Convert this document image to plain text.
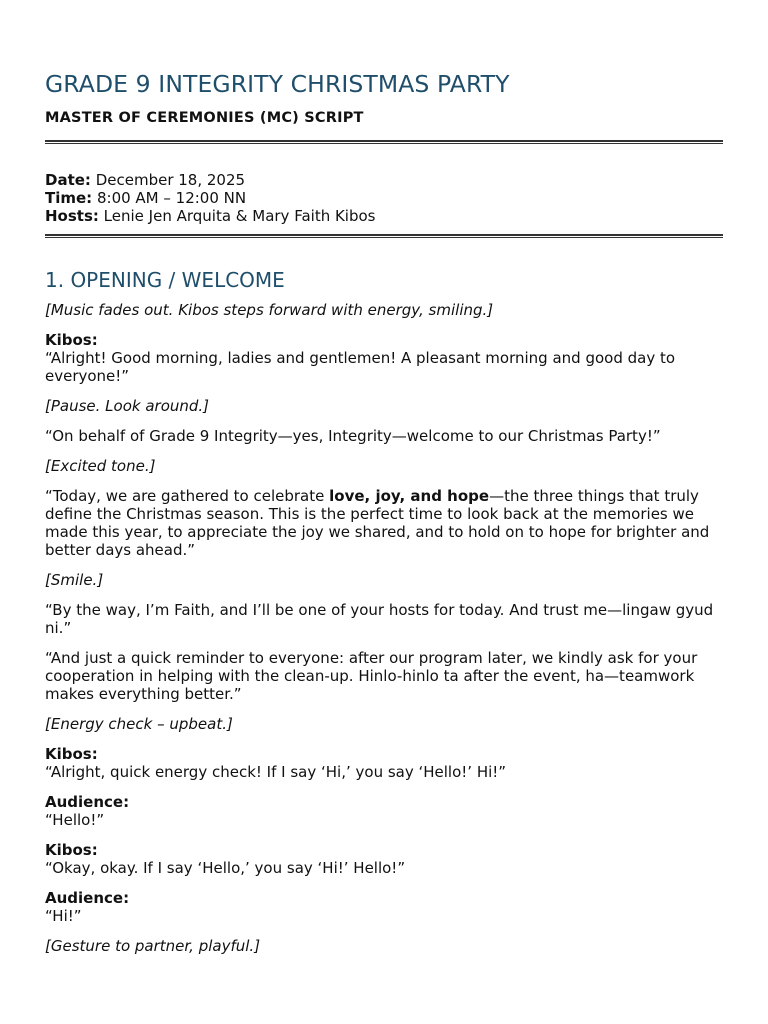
GRADE 9 INTEGRITY CHRISTMAS PARTY
MASTER OF CEREMONIES (MC) SCRIPT
Date: December 18, 2025
Time: 8:00 AM – 12:00 NN
Hosts: Lenie Jen Arquita & Mary Faith Kibos
1. OPENING / WELCOME

[Music fades out. Kibos steps forward with energy, smiling.]

Kibos:
“Alright! Good morning, ladies and gentlemen! A pleasant morning and good day to everyone!”

[Pause. Look around.]

“On behalf of Grade 9 Integrity—yes, Integrity—welcome to our Christmas Party!”

[Excited tone.]

“Today, we are gathered to celebrate love, joy, and hope—the three things that truly define the Christmas season. This is the perfect time to look back at the memories we made this year, to appreciate the joy we shared, and to hold on to hope for brighter and better days ahead.”

[Smile.]

“By the way, I’m Faith, and I’ll be one of your hosts for today. And trust me—lingaw gyud ni.”

“And just a quick reminder to everyone: after our program later, we kindly ask for your cooperation in helping with the clean-up. Hinlo-hinlo ta after the event, ha—teamwork makes everything better.”

[Energy check – upbeat.]

Kibos:
“Alright, quick energy check! If I say ‘Hi,’ you say ‘Hello!’ Hi!”

Audience:
“Hello!”

Kibos:
“Okay, okay. If I say ‘Hello,’ you say ‘Hi!’ Hello!”

Audience:
“Hi!”

[Gesture to partner, playful.]
